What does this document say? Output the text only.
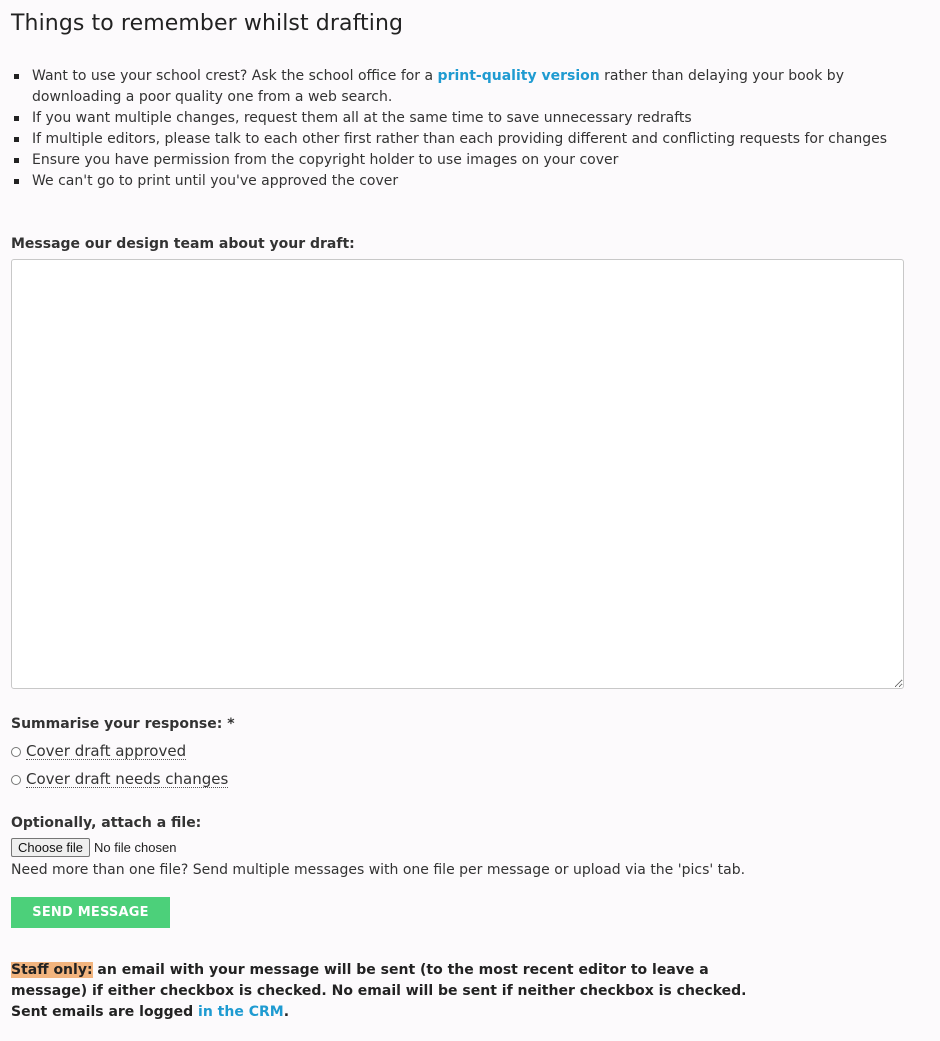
Things to remember whilst drafting
Want to use your school crest? Ask the school office for a print-quality version rather than delaying your book by downloading a poor quality one from a web search.
If you want multiple changes, request them all at the same time to save unnecessary redrafts
If multiple editors, please talk to each other first rather than each providing different and conflicting requests for changes
Ensure you have permission from the copyright holder to use images on your cover
We can't go to print until you've approved the cover
Message our design team about your draft:
Summarise your response: *
Cover draft approved
Cover draft needs changes
Optionally, attach a file:
Choose file No file chosen
Need more than one file? Send multiple messages with one file per message or upload via the 'pics' tab.
SEND MESSAGE
Staff only: an email with your message will be sent (to the most recent editor to leave a message) if either checkbox is checked. No email will be sent if neither checkbox is checked. Sent emails are logged in the CRM.
